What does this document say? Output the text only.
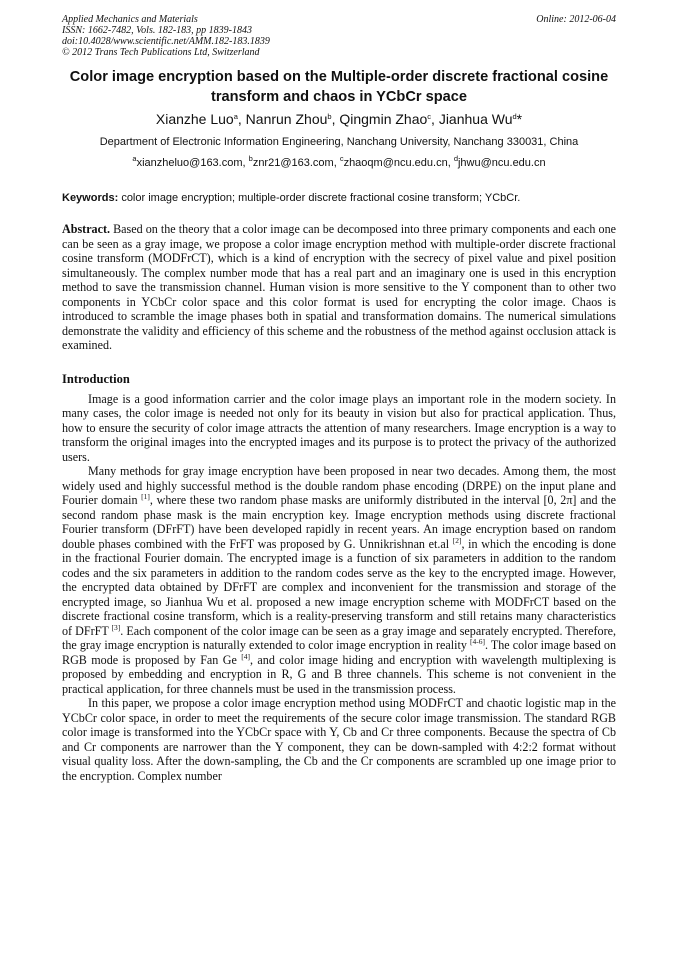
Applied Mechanics and Materials
ISSN: 1662-7482, Vols. 182-183, pp 1839-1843
doi:10.4028/www.scientific.net/AMM.182-183.1839
© 2012 Trans Tech Publications Ltd, Switzerland
Online: 2012-06-04
Color image encryption based on the Multiple-order discrete fractional cosine transform and chaos in YCbCr space
Xianzhe Luo$^a$, Nanrun Zhou$^b$, Qingmin Zhao$^c$, Jianhua Wu$^d$*
Department of Electronic Information Engineering, Nanchang University, Nanchang 330031, China
$^a$xianzheluo@163.com, $^b$znr21@163.com, $^c$zhaoqm@ncu.edu.cn, $^d$jhwu@ncu.edu.cn
Keywords: color image encryption; multiple-order discrete fractional cosine transform; YCbCr.
Abstract. Based on the theory that a color image can be decomposed into three primary components and each one can be seen as a gray image, we propose a color image encryption method with multiple-order discrete fractional cosine transform (MODFrCT), which is a kind of encryption with the secrecy of pixel value and pixel position simultaneously. The complex number mode that has a real part and an imaginary one is used in this encryption method to save the transmission channel. Human vision is more sensitive to the Y component than to other two components in YCbCr color space and this color format is used for encrypting the color image. Chaos is introduced to scramble the image phases both in spatial and transformation domains. The numerical simulations demonstrate the validity and efficiency of this scheme and the robustness of the method against occlusion attack is examined.
Introduction

Image is a good information carrier and the color image plays an important role in the modern society. In many cases, the color image is needed not only for its beauty in vision but also for practical application. Thus, how to ensure the security of color image attracts the attention of many researchers. Image encryption is a way to transform the original images into the encrypted images and its purpose is to protect the privacy of the authorized users.

Many methods for gray image encryption have been proposed in near two decades. Among them, the most widely used and highly successful method is the double random phase encoding (DRPE) on the input plane and Fourier domain [1], where these two random phase masks are uniformly distributed in the interval [0, 2π] and the second random phase mask is the main encryption key. Image encryption methods using discrete fractional Fourier transform (DFrFT) have been developed rapidly in recent years. An image encryption based on random double phases combined with the FrFT was proposed by G. Unnikrishnan et.al [2], in which the encoding is done in the fractional Fourier domain. The encrypted image is a function of six parameters in addition to the random codes and the six parameters in addition to the random codes serve as the key to the encrypted image. However, the encrypted data obtained by DFrFT are complex and inconvenient for the transmission and storage of the encrypted image, so Jianhua Wu et al. proposed a new image encryption scheme with MODFrCT based on the discrete fractional cosine transform, which is a reality-preserving transform and still retains many characteristics of DFrFT [3]. Each component of the color image can be seen as a gray image and separately encrypted. Therefore, the gray image encryption is naturally extended to color image encryption in reality [4-6]. The color image based on RGB mode is proposed by Fan Ge [4], and color image hiding and encryption with wavelength multiplexing is proposed by embedding and encryption in R, G and B three channels. This scheme is not convenient in the practical application, for three channels must be used in the transmission process.

In this paper, we propose a color image encryption method using MODFrCT and chaotic logistic map in the YCbCr color space, in order to meet the requirements of the secure color image transmission. The standard RGB color image is transformed into the YCbCr space with Y, Cb and Cr three components. Because the spectra of Cb and Cr components are narrower than the Y component, they can be down-sampled with 4:2:2 format without visual quality loss. After the down-sampling, the Cb and the Cr components are scrambled up one image prior to the encryption. Complex number
